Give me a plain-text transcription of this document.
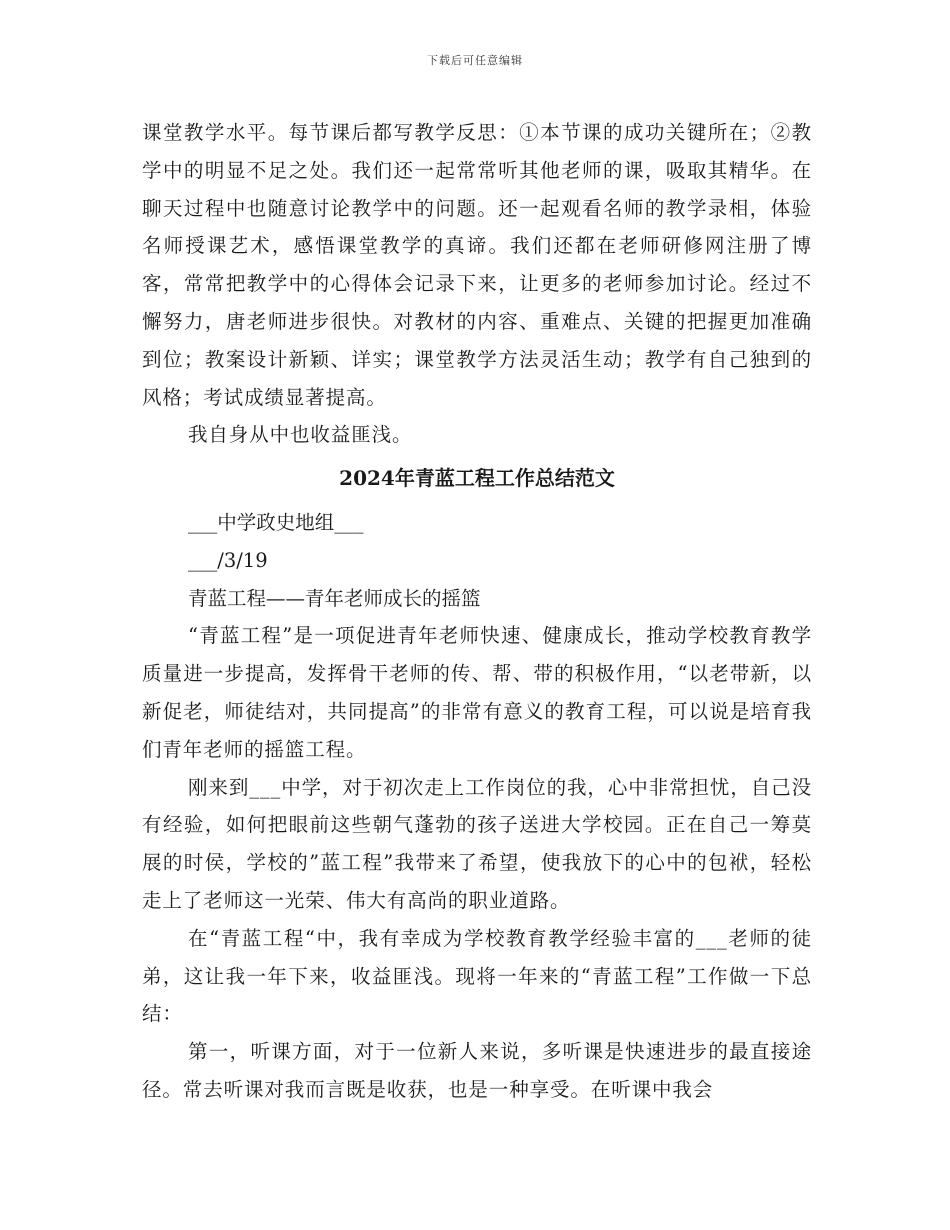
下载后可任意编辑

课堂教学水平。每节课后都写教学反思：①本节课的成功关键所在；②教学中的明显不足之处。我们还一起常常听其他老师的课，吸取其精华。在聊天过程中也随意讨论教学中的问题。还一起观看名师的教学录相，体验名师授课艺术，感悟课堂教学的真谛。我们还都在老师研修网注册了博客，常常把教学中的心得体会记录下来，让更多的老师参加讨论。经过不懈努力，唐老师进步很快。对教材的内容、重难点、关键的把握更加准确到位；教案设计新颖、详实；课堂教学方法灵活生动；教学有自己独到的风格；考试成绩显著提高。

我自身从中也收益匪浅。

2024年青蓝工程工作总结范文

___中学政史地组___

___/3/19

青蓝工程——青年老师成长的摇篮

“青蓝工程”是一项促进青年老师快速、健康成长，推动学校教育教学质量进一步提高，发挥骨干老师的传、帮、带的积极作用，“以老带新，以新促老，师徒结对，共同提高”的非常有意义的教育工程，可以说是培育我们青年老师的摇篮工程。

刚来到___中学，对于初次走上工作岗位的我，心中非常担忧，自己没有经验，如何把眼前这些朝气蓬勃的孩子送进大学校园。正在自己一筹莫展的时侯，学校的”蓝工程”我带来了希望，使我放下的心中的包袱，轻松走上了老师这一光荣、伟大有高尚的职业道路。

在“青蓝工程“中，我有幸成为学校教育教学经验丰富的___老师的徒弟，这让我一年下来，收益匪浅。现将一年来的“青蓝工程”工作做一下总结：

第一，听课方面，对于一位新人来说，多听课是快速进步的最直接途径。常去听课对我而言既是收获，也是一种享受。在听课中我会
